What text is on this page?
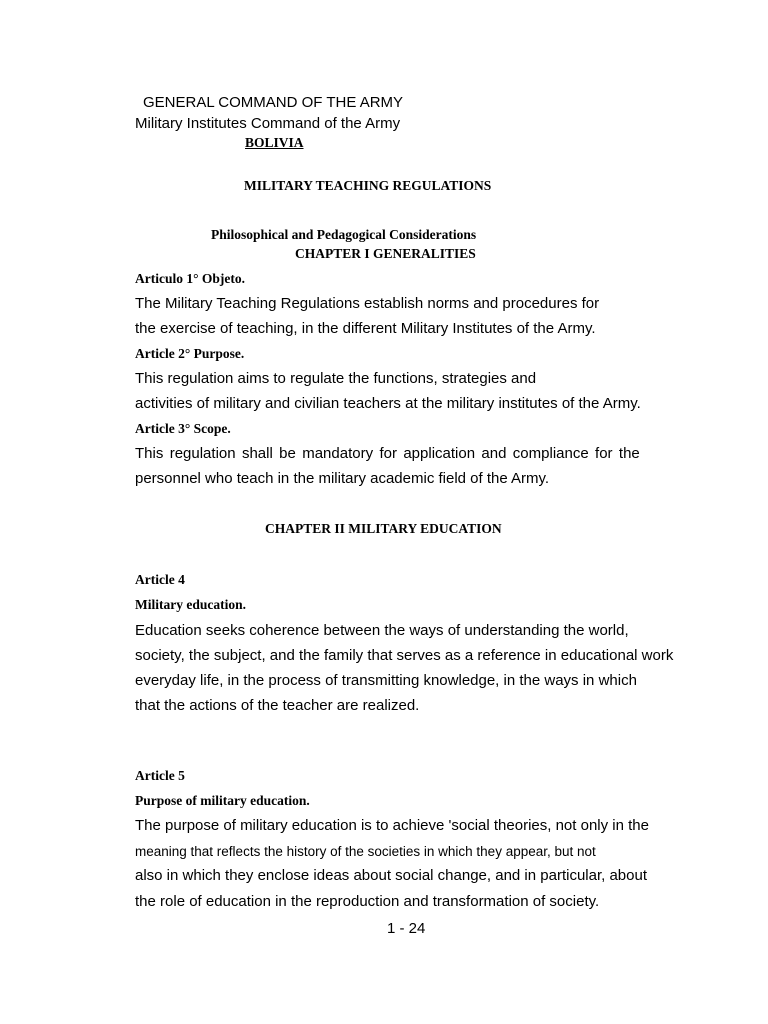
GENERAL COMMAND OF THE ARMY
Military Institutes Command of the Army
BOLIVIA
MILITARY TEACHING REGULATIONS
Philosophical and Pedagogical Considerations
CHAPTER I GENERALITIES
Articulo 1° Objeto.
The Military Teaching Regulations establish norms and procedures for
the exercise of teaching, in the different Military Institutes of the Army.
Article 2° Purpose.
This regulation aims to regulate the functions, strategies and
activities of military and civilian teachers at the military institutes of the Army.
Article 3° Scope.
This regulation shall be mandatory for application and compliance for the
personnel who teach in the military academic field of the Army.
CHAPTER II MILITARY EDUCATION
Article 4
Military education.
Education seeks coherence between the ways of understanding the world,
society, the subject, and the family that serves as a reference in educational work
everyday life, in the process of transmitting knowledge, in the ways in which
that the actions of the teacher are realized.
Article 5
Purpose of military education.
The purpose of military education is to achieve 'social theories, not only in the
meaning that reflects the history of the societies in which they appear, but not
also in which they enclose ideas about social change, and in particular, about
the role of education in the reproduction and transformation of society.
1 - 24
